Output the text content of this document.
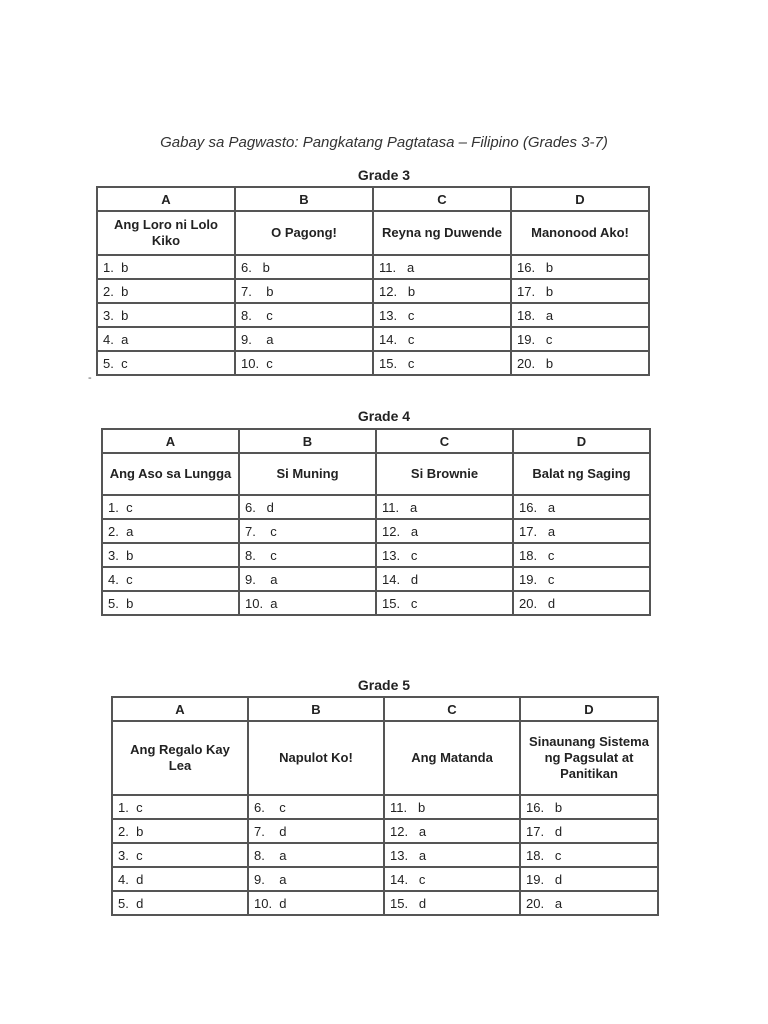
Gabay sa Pagwasto: Pangkatang Pagtatasa – Filipino (Grades 3-7)
Grade 3
A	B	C	D
Ang Loro ni Lolo Kiko	O Pagong!	Reyna ng Duwende	Manonood Ako!
1.  b	6.   b	11.   a	16.   b
2.  b	7.    b	12.   b	17.   b
3.  b	8.    c	13.   c	18.   a
4.  a	9.    a	14.   c	19.   c
5.  c	10.  c	15.   c	20.   b
-
Grade 4
A	B	C	D
Ang Aso sa Lungga	Si Muning	Si Brownie	Balat ng Saging
1.  c	6.   d	11.   a	16.   a
2.  a	7.    c	12.   a	17.   a
3.  b	8.    c	13.   c	18.   c
4.  c	9.    a	14.   d	19.   c
5.  b	10.  a	15.   c	20.   d
Grade 5
A	B	C	D
Ang Regalo Kay Lea	Napulot Ko!	Ang Matanda	Sinaunang Sistema ng Pagsulat at Panitikan
1.  c	6.    c	11.   b	16.   b
2.  b	7.    d	12.   a	17.   d
3.  c	8.    a	13.   a	18.   c
4.  d	9.    a	14.   c	19.   d
5.  d	10.  d	15.   d	20.   a
